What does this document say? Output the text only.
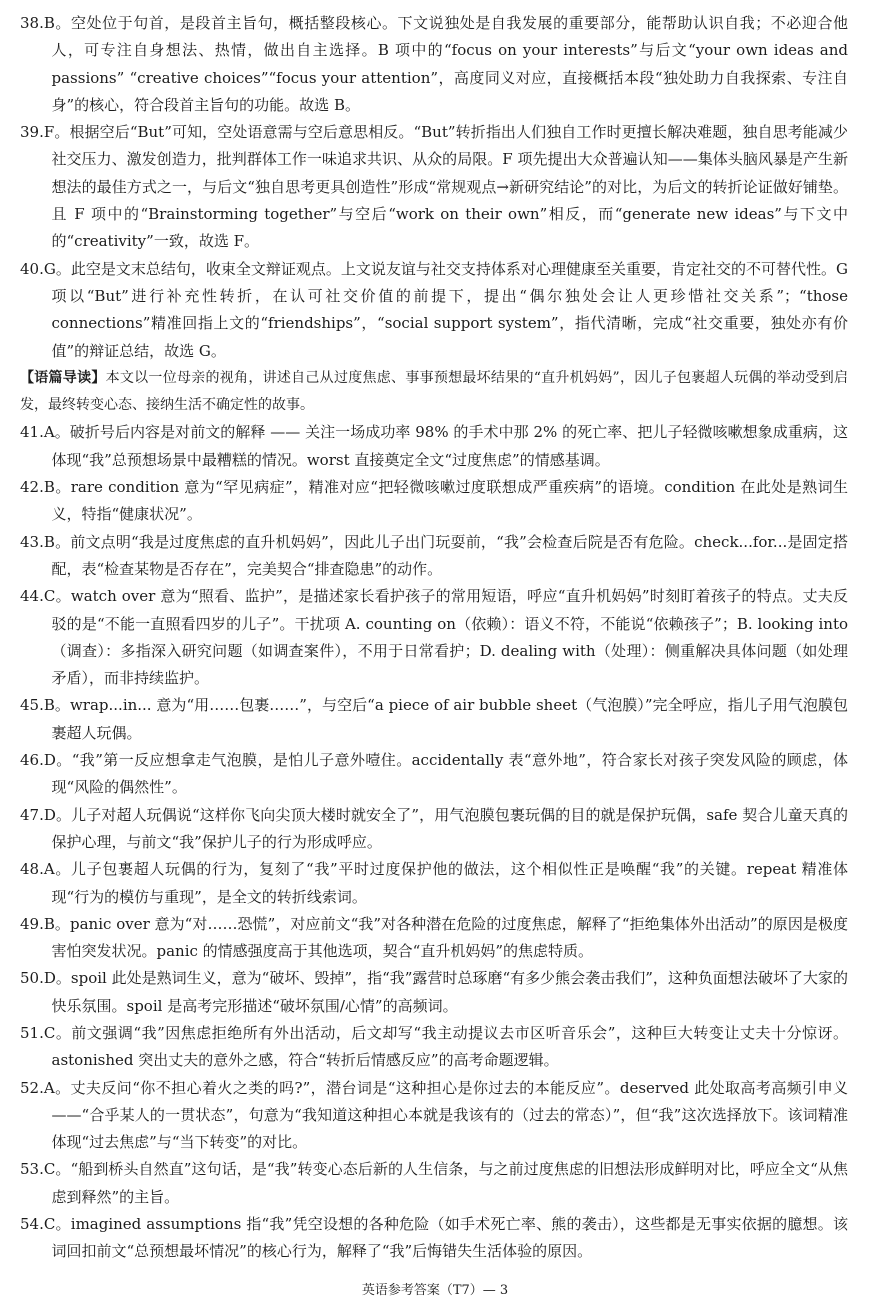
38.B。空处位于句首，是段首主旨句，概括整段核心。下文说独处是自我发展的重要部分，能帮助认识自我；不必迎合他人，可专注自身想法、热情，做出自主选择。B 项中的“focus on your interests”与后文“your own ideas and passions” “creative choices”“focus your attention”，高度同义对应，直接概括本段“独处助力自我探索、专注自身”的核心，符合段首主旨句的功能。故选 B。

39.F。根据空后“But”可知，空处语意需与空后意思相反。“But”转折指出人们独自工作时更擅长解决难题，独自思考能减少社交压力、激发创造力，批判群体工作一味追求共识、从众的局限。F 项先提出大众普遍认知——集体头脑风暴是产生新想法的最佳方式之一，与后文“独自思考更具创造性”形成“常规观点→新研究结论”的对比，为后文的转折论证做好铺垫。且 F 项中的“Brainstorming together”与空后“work on their own”相反，而“generate new ideas”与下文中的“creativity”一致，故选 F。

40.G。此空是文末总结句，收束全文辩证观点。上文说友谊与社交支持体系对心理健康至关重要，肯定社交的不可替代性。G 项以“But”进行补充性转折，在认可社交价值的前提下，提出“偶尔独处会让人更珍惜社交关系”；“those connections”精准回指上文的“friendships”，“social support system”，指代清晰，完成“社交重要，独处亦有价值”的辩证总结，故选 G。

【语篇导读】本文以一位母亲的视角，讲述自己从过度焦虑、事事预想最坏结果的“直升机妈妈”，因儿子包裹超人玩偶的举动受到启发，最终转变心态、接纳生活不确定性的故事。

41.A。破折号后内容是对前文的解释 —— 关注一场成功率 98% 的手术中那 2% 的死亡率、把儿子轻微咳嗽想象成重病，这体现“我”总预想场景中最糟糕的情况。worst 直接奠定全文“过度焦虑”的情感基调。

42.B。rare condition 意为“罕见病症”，精准对应“把轻微咳嗽过度联想成严重疾病”的语境。condition 在此处是熟词生义，特指“健康状况”。

43.B。前文点明“我是过度焦虑的直升机妈妈”，因此儿子出门玩耍前，“我”会检查后院是否有危险。check...for...是固定搭配，表“检查某物是否存在”，完美契合“排查隐患”的动作。

44.C。watch over 意为“照看、监护”，是描述家长看护孩子的常用短语，呼应“直升机妈妈”时刻盯着孩子的特点。丈夫反驳的是“不能一直照看四岁的儿子”。干扰项 A. counting on（依赖）：语义不符，不能说“依赖孩子”；B. looking into（调查）：多指深入研究问题（如调查案件），不用于日常看护；D. dealing with（处理）：侧重解决具体问题（如处理矛盾），而非持续监护。

45.B。wrap...in... 意为“用……包裹……”，与空后“a piece of air bubble sheet（气泡膜）”完全呼应，指儿子用气泡膜包裹超人玩偶。

46.D。“我”第一反应想拿走气泡膜，是怕儿子意外噎住。accidentally 表“意外地”，符合家长对孩子突发风险的顾虑，体现“风险的偶然性”。

47.D。儿子对超人玩偶说“这样你飞向尖顶大楼时就安全了”，用气泡膜包裹玩偶的目的就是保护玩偶，safe 契合儿童天真的保护心理，与前文“我”保护儿子的行为形成呼应。

48.A。儿子包裹超人玩偶的行为，复刻了“我”平时过度保护他的做法，这个相似性正是唤醒“我”的关键。repeat 精准体现“行为的模仿与重现”，是全文的转折线索词。

49.B。panic over 意为“对……恐慌”，对应前文“我”对各种潜在危险的过度焦虑，解释了“拒绝集体外出活动”的原因是极度害怕突发状况。panic 的情感强度高于其他选项，契合“直升机妈妈”的焦虑特质。

50.D。spoil 此处是熟词生义，意为“破坏、毁掉”，指“我”露营时总琢磨“有多少熊会袭击我们”，这种负面想法破坏了大家的快乐氛围。spoil 是高考完形描述“破坏氛围/心情”的高频词。

51.C。前文强调“我”因焦虑拒绝所有外出活动，后文却写“我主动提议去市区听音乐会”，这种巨大转变让丈夫十分惊讶。astonished 突出丈夫的意外之感，符合“转折后情感反应”的高考命题逻辑。

52.A。丈夫反问“你不担心着火之类的吗?”，潜台词是“这种担心是你过去的本能反应”。deserved 此处取高考高频引申义——“合乎某人的一贯状态”，句意为“我知道这种担心本就是我该有的（过去的常态）”，但“我”这次选择放下。该词精准体现“过去焦虑”与“当下转变”的对比。

53.C。“船到桥头自然直”这句话，是“我”转变心态后新的人生信条，与之前过度焦虑的旧想法形成鲜明对比，呼应全文“从焦虑到释然”的主旨。

54.C。imagined assumptions 指“我”凭空设想的各种危险（如手术死亡率、熊的袭击），这些都是无事实依据的臆想。该词回扣前文“总预想最坏情况”的核心行为，解释了“我”后悔错失生活体验的原因。

英语参考答案（T7）— 3
